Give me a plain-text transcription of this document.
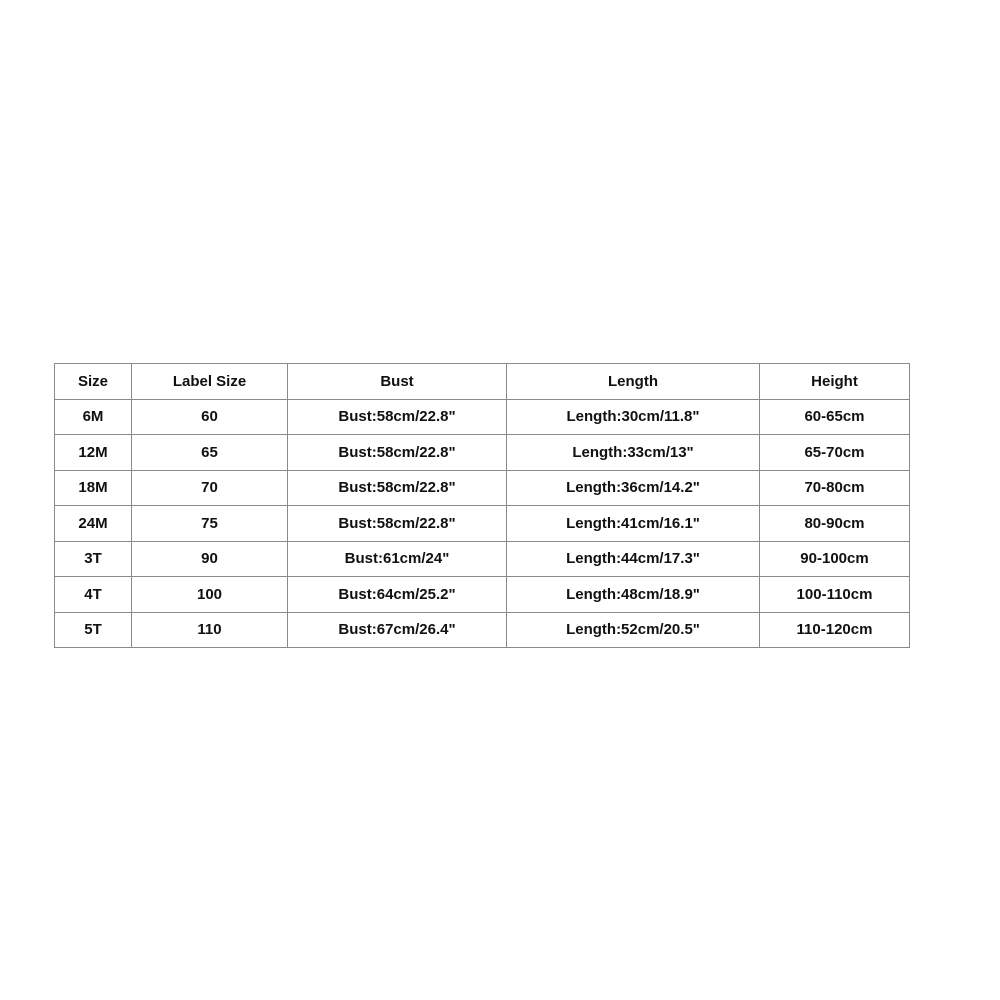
Size	Label Size	Bust	Length	Height
6M	60	Bust:58cm/22.8"	Length:30cm/11.8"	60-65cm
12M	65	Bust:58cm/22.8"	Length:33cm/13"	65-70cm
18M	70	Bust:58cm/22.8"	Length:36cm/14.2"	70-80cm
24M	75	Bust:58cm/22.8"	Length:41cm/16.1"	80-90cm
3T	90	Bust:61cm/24"	Length:44cm/17.3"	90-100cm
4T	100	Bust:64cm/25.2"	Length:48cm/18.9"	100-110cm
5T	110	Bust:67cm/26.4"	Length:52cm/20.5"	110-120cm
